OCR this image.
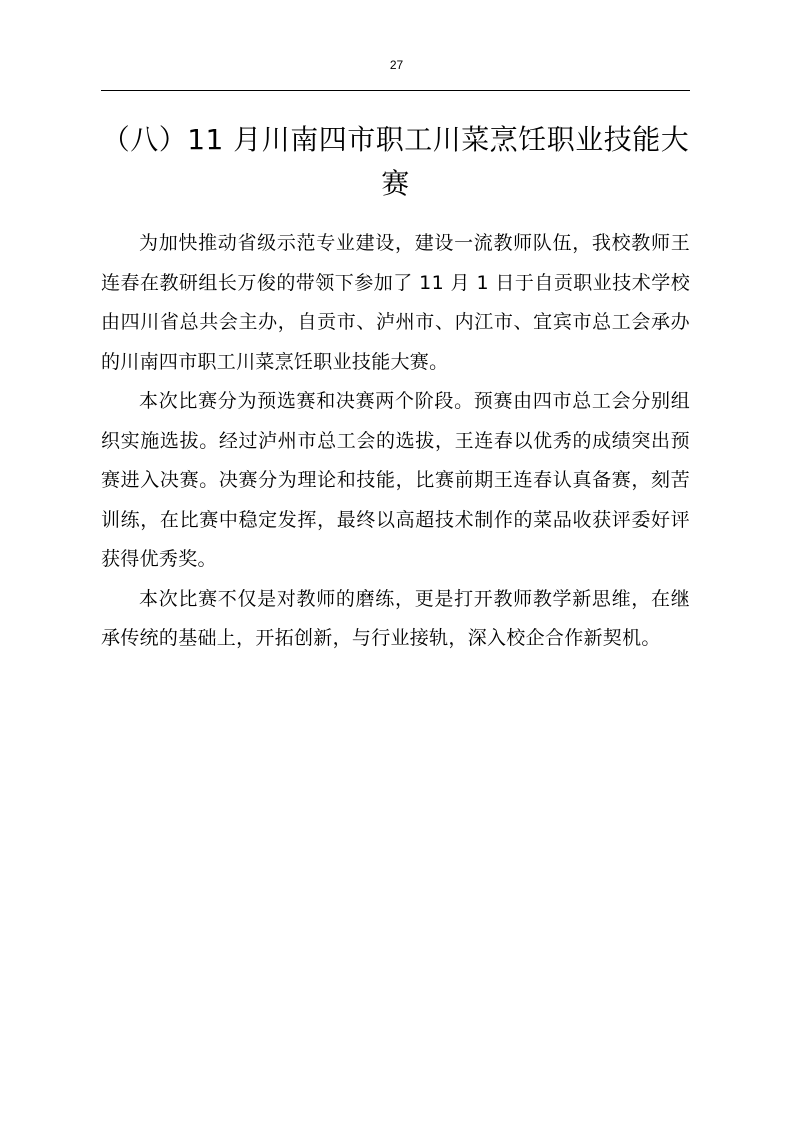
27
（八）11 月川南四市职工川菜烹饪职业技能大赛

为加快推动省级示范专业建设，建设一流教师队伍，我校教师王连春在教研组长万俊的带领下参加了 11 月 1 日于自贡职业技术学校由四川省总共会主办，自贡市、泸州市、内江市、宜宾市总工会承办的川南四市职工川菜烹饪职业技能大赛。

本次比赛分为预选赛和决赛两个阶段。预赛由四市总工会分别组织实施选拔。经过泸州市总工会的选拔，王连春以优秀的成绩突出预赛进入决赛。决赛分为理论和技能，比赛前期王连春认真备赛，刻苦训练，在比赛中稳定发挥，最终以高超技术制作的菜品收获评委好评获得优秀奖。

本次比赛不仅是对教师的磨练，更是打开教师教学新思维，在继承传统的基础上，开拓创新，与行业接轨，深入校企合作新契机。
